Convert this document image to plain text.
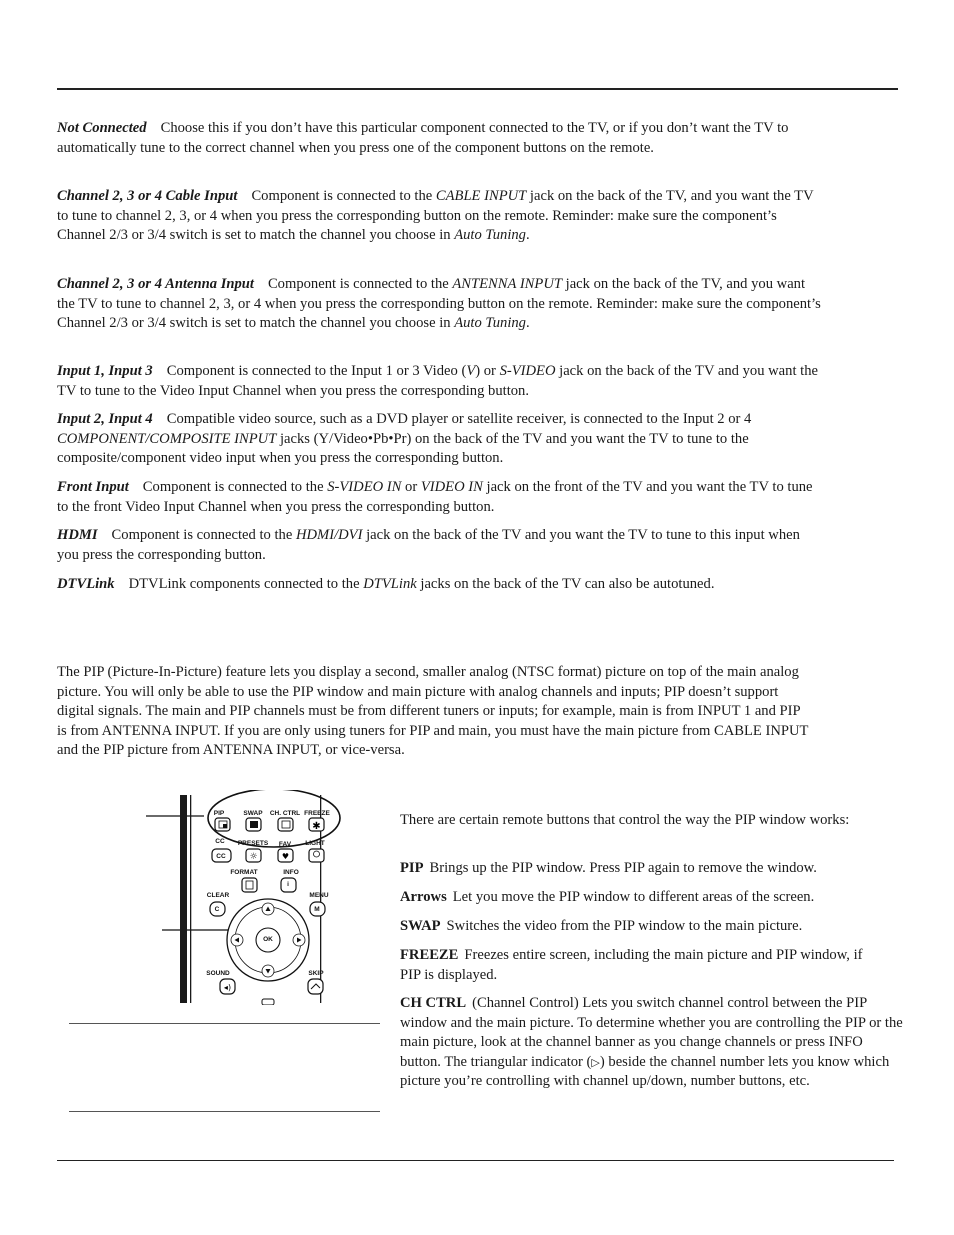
Not Connected Choose this if you don’t have this particular component connected to the TV, or if you don’t want the TV to automatically tune to the correct channel when you press one of the component buttons on the remote.

Channel 2, 3 or 4 Cable Input Component is connected to the CABLE INPUT jack on the back of the TV, and you want the TV to tune to channel 2, 3, or 4 when you press the corresponding button on the remote. Reminder: make sure the component’s Channel 2/3 or 3/4 switch is set to match the channel you choose in Auto Tuning.

Channel 2, 3 or 4 Antenna Input Component is connected to the ANTENNA INPUT jack on the back of the TV, and you want the TV to tune to channel 2, 3, or 4 when you press the corresponding button on the remote. Reminder: make sure the component’s Channel 2/3 or 3/4 switch is set to match the channel you choose in Auto Tuning.

Input 1, Input 3 Component is connected to the Input 1 or 3 Video (V) or S-VIDEO jack on the back of the TV and you want the TV to tune to the Video Input Channel when you press the corresponding button.

Input 2, Input 4 Compatible video source, such as a DVD player or satellite receiver, is connected to the Input 2 or 4 COMPONENT/COMPOSITE INPUT jacks (Y/Video•Pb•Pr) on the back of the TV and you want the TV to tune to the composite/component video input when you press the corresponding button.

Front Input Component is connected to the S-VIDEO IN or VIDEO IN jack on the front of the TV and you want the TV to tune to the front Video Input Channel when you press the corresponding button.

HDMI Component is connected to the HDMI/DVI jack on the back of the TV and you want the TV to tune to this input when you press the corresponding button.

DTVLink DTVLink components connected to the DTVLink jacks on the back of the TV can also be autotuned.

The PIP (Picture-In-Picture) feature lets you display a second, smaller analog (NTSC format) picture on top of the main analog picture. You will only be able to use the PIP window and main picture with analog channels and inputs; PIP doesn’t support digital signals. The main and PIP channels must be from different tuners or inputs; for example, main is from INPUT 1 and PIP is from ANTENNA INPUT. If you are only using tuners for PIP and main, you must have the main picture from CABLE INPUT and the PIP picture from ANTENNA INPUT, or vice-versa.

✱
☼	♥
◂)
PIP	SWAP	CH. CTRL FREEZE
CC	PRESETS	FAV	LIGHT
CC
FORMAT	INFO
i
CLEAR	MENU
C	M
OK
SOUND	SKIP

There are certain remote buttons that control the way the PIP window works:

PIP Brings up the PIP window. Press PIP again to remove the window.

Arrows Let you move the PIP window to different areas of the screen.

SWAP Switches the video from the PIP window to the main picture.

FREEZE Freezes entire screen, including the main picture and PIP window, if PIP is displayed.

CH CTRL (Channel Control) Lets you switch channel control between the PIP window and the main picture. To determine whether you are controlling the PIP or the main picture, look at the channel banner as you change channels or press INFO button. The triangular indicator (▷) beside the channel number lets you know which picture you’re controlling with channel up/down, number buttons, etc.
